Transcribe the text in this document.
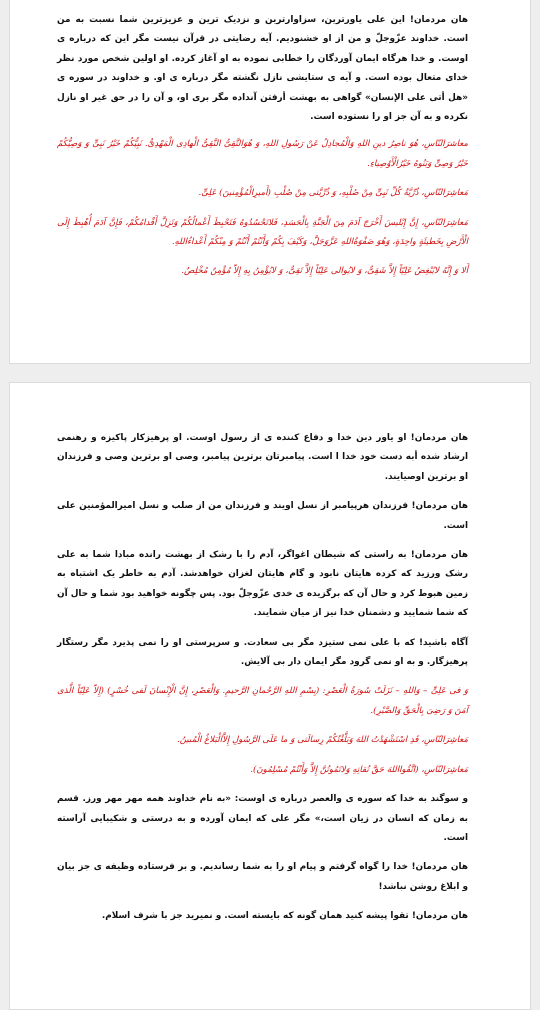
هان مردمان! این علی یاورترین، سزاوارترین و نزدیک ترین و عزیزترین شما نسبت به من است. خداوند عزّوجلّ و من از او خشنودیم. آیه رضایتی در قرآن نیست مگر این که درباره ی اوست. و خدا هرگاه ایمان آوردگان را خطابی نموده به او آغاز کرده. او اولین شخص مورد نظر خدای متعال بوده است. و آیه ی ستایشی نازل نگشته مگر درباره ی او. و خداوند در سوره ی «هل أتی علی الإنسان» گواهی به بهشت أرفتن آنداده مگر بری او، و آن را در حق غیر او نازل نکرده و به آن جز او را نستوده است.

معاشرَالنّاسِ، هُوَ ناصِرُ دینِ اللهِ وَالْمُجادِلُ عَنْ رَسُولِ اللهِ، وَ هُوَالتَّقِیُّ النَّقِیُّ الْهادِی الْمَهْدِیُّ. نَبِیُّکُمْ خَیْرُ نَبِیٍّ وَ وَصِیُّکُمْ خَیْرُ وَصِیٍّ وَبَنُوهُ خَیْرُالْأَوْصِیاءِ.

مَعاشِرَالنّاسِ، ذُرِّیَّةُ کُلِّ نَبِیٍّ مِنْ صُلْبِهِ، وَ ذُرِّیَّتی مِنْ صُلْبِ (أَمیرِالْمُؤْمِنینَ) عَلِیٍّ.

مَعاشِرَالنّاسِ، إِنَّ إِبْلیسَ أَخْرَجَ آدَمَ مِنَ الْجَنَّةِ بِالْحَسَدِ، فَلاتَحْسُدُوهُ فَتَحْبِطَ أَعْمالُکُمْ وَتَزِلَّ أَقْدامُکُمْ، فَإِنَّ آدَمَ أُهْبِطَ إِلَی الْأَرْضِ بِخَطیئَةٍ واحِدَةٍ، وَهُوَ صَفْوَةُاللهِ عَزَّوَجَلَّ، وَکَیْفَ بِکُمْ وَأَنْتُمْ أَنْتُمْ وَ مِنْکُمْ أَعْداءُاللهِ.

أَلا وَ إِنَّهُ لایُبْغِضُ عَلِیّاً إِلاَّ شَقِیٌّ، وَ لایُوالی عَلِیّاً إِلاَّ تَقِیٌّ، وَ لایُؤْمِنُ بِهِ إِلاّ مُؤْمِنٌ مُخْلِصٌ.

هان مردمان! او یاور دین خدا و دفاع کننده ی از رسول اوست. او پرهیزکار پاکیزه و رهنمی ارشاد شده أبه دست خود خدا ا است. پیامبرتان برترین پیامبر، وصی او برترین وصی و فرزندان او برترین اوصیایند.

هان مردمان! فرزندان هرپیامبر از نسل اویند و فرزندان من از صلب و نسل امیرالمؤمنین علی است.

هان مردمان! به راستی که شیطان اغواگر، آدم را با رشک از بهشت رانده مبادا شما به علی رشک ورزید که کرده هایتان نابود و گام هایتان لغزان خواهدشد. آدم به خاطر یک اشتباه به زمین هبوط کرد و حال آن که برگزیده ی خدی عزّوجلّ بود. پس چگونه خواهید بود شما و حال آن که شما شمایید و دشمنان خدا نیز از میان شمایند.

آگاه باشید! که با علی نمی ستیزد مگر بی سعادت. و سرپرستی او را نمی پذیرد مگر رستگار پرهیزگار. و به او نمی گرود مگر ایمان دار بی آلایش.

وَ فی عَلِیٍّ – وَاللهِ – نَزَلَتْ سُورَةُ الْعَصْرِ: (بِسْمِ اللهِ الرَّحْمانِ الرَّحیمِ. وَالْعَصْرِ، إِنَّ الْإِنْسانَ لَفی خُسْرٍ) (إِلاّ عَلِیّاً الَّذی آمَنَ وَ رَضِیَ بِالْحَقِّ وَالصَّبْرِ).

مَعاشِرَالنّاسِ، قَدِ اسْتَشْهَدْتُ اللهَ وَبَلَّغْتُکُمْ رِسالَتی وَ ما عَلَی الرَّسُولِ إِلاَّالْبَلاغُ الْمُبینُ.

مَعاشِرَالنّاسِ، (اتَّقُوااللهَ حَقَّ تُقاتِهِ وَلاتَمُوتُنَّ إِلاَّ وَأَنْتُمْ مُسْلِمُونَ).

و سوگند به خدا که سوره ی والعصر درباره ی اوست: «به نام خداوند همه مهر مهر ورز. قسم به زمان که انسان در زیان است،» مگر علی که ایمان آورده و به درستی و شکیبایی آراسته است.

هان مردمان! خدا را گواه گرفتم و پیام او را به شما رساندیم. و بر فرستاده وظیفه ی جز بیان و ابلاغ روشن نباشد!

هان مردمان! تقوا پیشه کنید همان گونه که بایسته است. و نمیرید جز با شرف اسلام.
